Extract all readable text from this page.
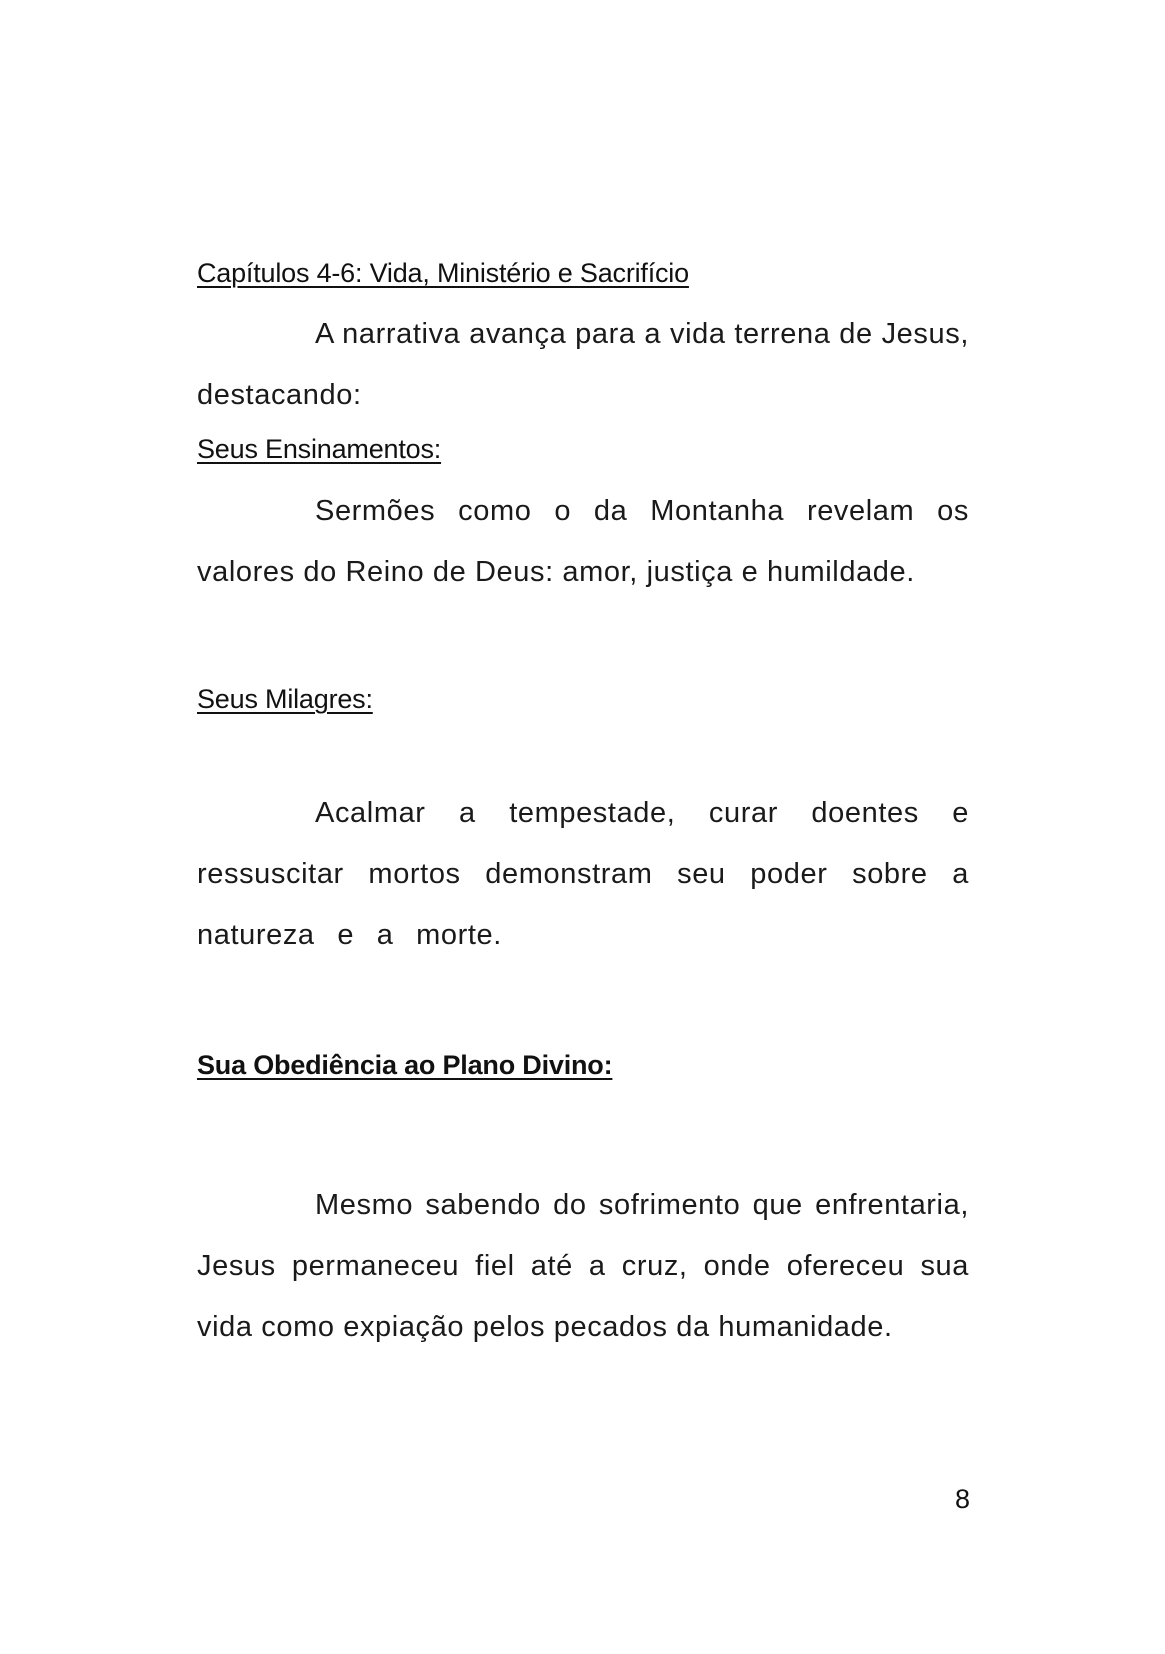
Capítulos 4-6: Vida, Ministério e Sacrifício

A narrativa avança para a vida terrena de Jesus, destacando:

Seus Ensinamentos:

Sermões como o da Montanha revelam os valores do Reino de Deus: amor, justiça e humildade.

Seus Milagres:

Acalmar a tempestade, curar doentes e ressuscitar mortos demonstram seu poder sobre a natureza e a morte.

Sua Obediência ao Plano Divino:

Mesmo sabendo do sofrimento que enfrentaria, Jesus permaneceu fiel até a cruz, onde ofereceu sua vida como expiação pelos pecados da humanidade.

8
